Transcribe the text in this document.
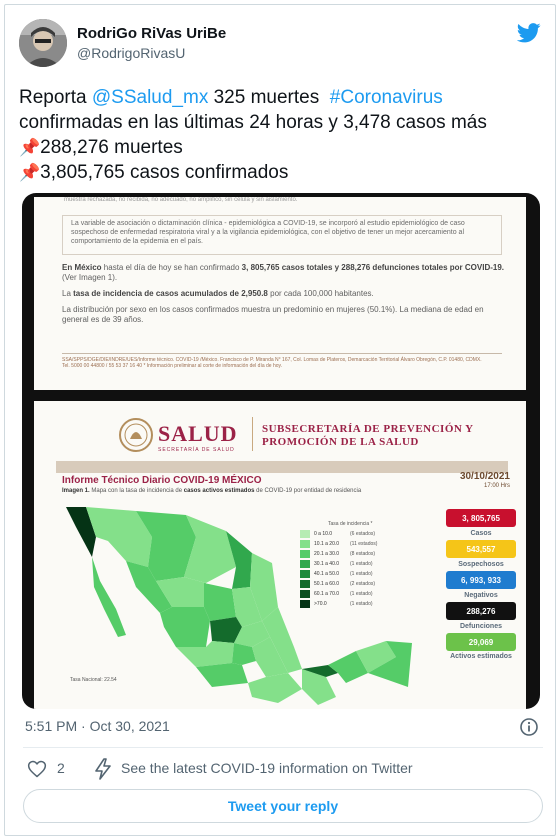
RodriGo RiVas UriBe
@RodrigoRivasU
Reporta @SSalud_mx 325 muertes  #Coronavirus
confirmadas en las últimas 24 horas y 3,478 casos más
📌288,276 muertes
📌3,805,765 casos confirmados
muestra rechazada, no recibida, no adecuado, no amplificó, sin célula y sin aislamiento.
La variable de asociación o dictaminación clínica - epidemiológica a COVID-19, se incorporó al estudio epidemiológico de caso sospechoso de enfermedad respiratoria viral y a la vigilancia epidemiológica, con el objetivo de tener un mejor acercamiento al comportamiento de la epidemia en el país.
En México hasta el día de hoy se han confirmado 3, 805,765 casos totales y 288,276 defunciones totales por COVID-19. (Ver Imagen 1).
La tasa de incidencia de casos acumulados de 2,950.8 por cada 100,000 habitantes.
La distribución por sexo en los casos confirmados muestra un predominio en mujeres (50.1%). La mediana de edad en general es de 39 años.
SSA/SPPS/DGE/DIE/INDRE/UES/Informe técnico. COVID-19 /México. Francisco de P. Miranda N° 167, Col. Lomas de Plateros, Demarcación Territorial Álvaro Obregón, C.P. 01480, CDMX.
Tel. 5000 00 44800 / 55 53 37 16 40 * Información preliminar al corte de información del día de hoy.
SALUD
SECRETARÍA DE SALUD
SUBSECRETARÍA DE PREVENCIÓN Y
PROMOCIÓN DE LA SALUD
Informe Técnico Diario COVID-19 MÉXICO	30/10/2021
17:00 Hrs
Imagen 1. Mapa con la tasa de incidencia de casos activos estimados de COVID-19 por entidad de residencia
Tasa de incidencia *
0 a 10.0	(6 estados)
10.1 a 20.0	(11 estados)
20.1 a 30.0	(8 estados)
30.1 a 40.0	(1 estado)
40.1 a 50.0	(1 estado)
50.1 a 60.0	(2 estados)
60.1 a 70.0	(1 estado)
>70.0	(1 estado)
Tasa Nacional: 22.54
3, 805,765
Casos
543,557
Sospechosos
6, 993, 933
Negativos
288,276
Defunciones
29,069
Activos estimados
5:51 PM · Oct 30, 2021
2	See the latest COVID-19 information on Twitter
Tweet your reply
